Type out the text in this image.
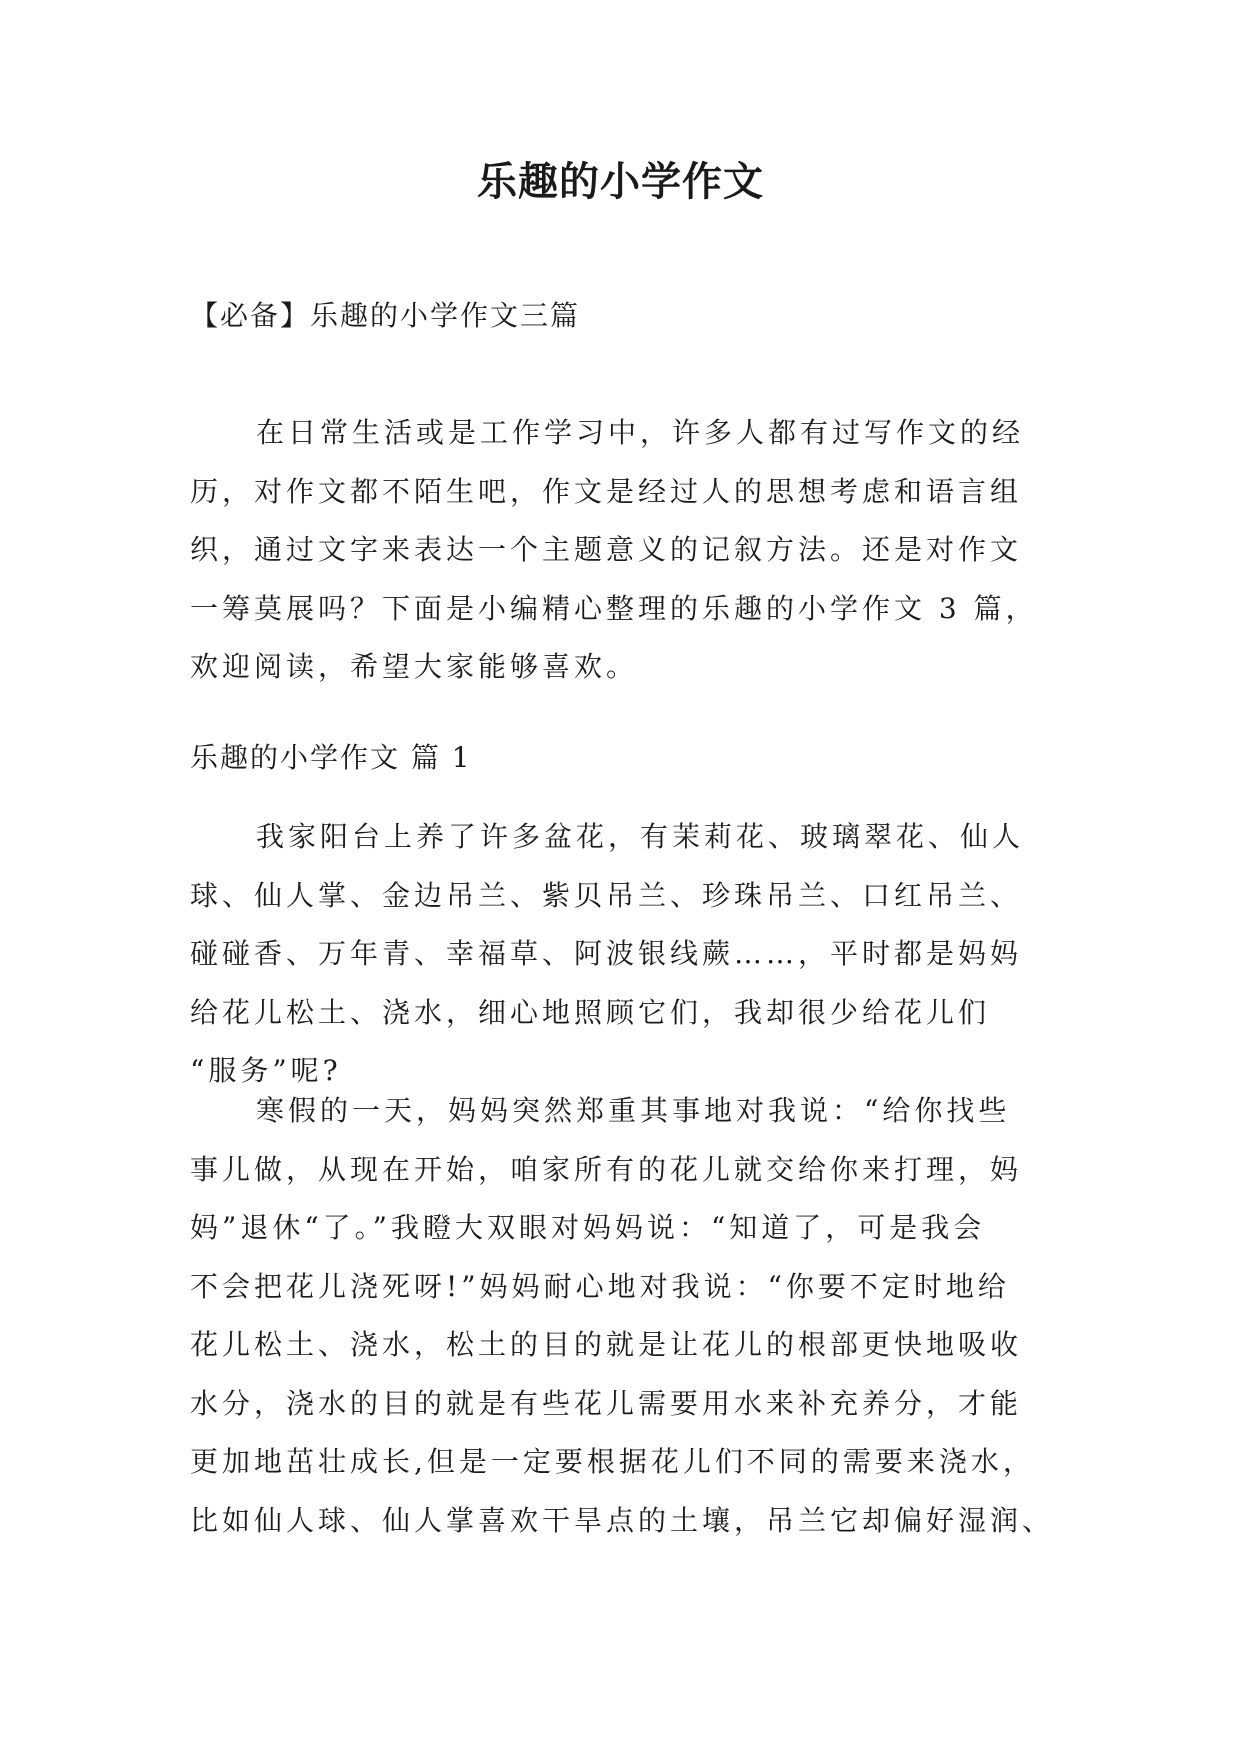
乐趣的小学作文
【必备】乐趣的小学作文三篇
在日常生活或是工作学习中，许多人都有过写作文的经
历，对作文都不陌生吧，作文是经过人的思想考虑和语言组
织，通过文字来表达一个主题意义的记叙方法。还是对作文
一筹莫展吗？下面是小编精心整理的乐趣的小学作文 3 篇，
欢迎阅读，希望大家能够喜欢。
乐趣的小学作文 篇 1
我家阳台上养了许多盆花，有茉莉花、玻璃翠花、仙人
球、仙人掌、金边吊兰、紫贝吊兰、珍珠吊兰、口红吊兰、
碰碰香、万年青、幸福草、阿波银线蕨……，平时都是妈妈
给花儿松土、浇水，细心地照顾它们，我却很少给花儿们
“服务”呢?
寒假的一天，妈妈突然郑重其事地对我说：“给你找些
事儿做，从现在开始，咱家所有的花儿就交给你来打理，妈
妈”退休“了。”我瞪大双眼对妈妈说：“知道了，可是我会
不会把花儿浇死呀!”妈妈耐心地对我说：“你要不定时地给
花儿松土、浇水，松土的目的就是让花儿的根部更快地吸收
水分，浇水的目的就是有些花儿需要用水来补充养分，才能
更加地茁壮成长,但是一定要根据花儿们不同的需要来浇水，
比如仙人球、仙人掌喜欢干旱点的土壤，吊兰它却偏好湿润、
